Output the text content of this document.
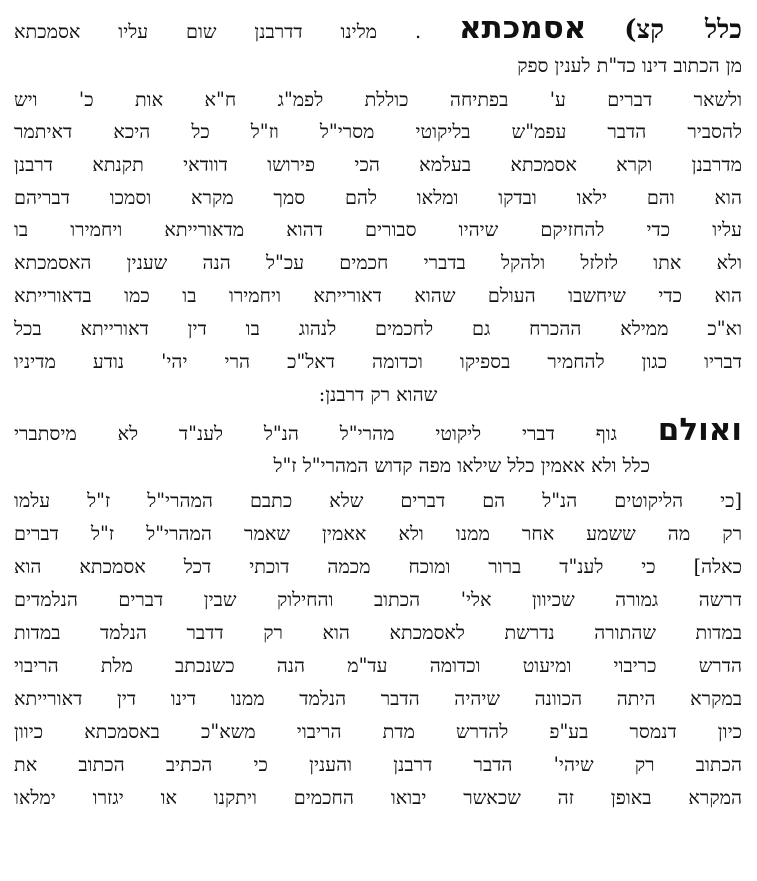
כלל קצ) אסמכתא . מלינו דדרבנן שום עליו אסמכתא
מן הכתוב דינו כד"ת לענין ספק
ולשאר דברים ע' בפתיחה כוללת לפמ"ג ח"א אות כ' ויש
להסביר הדבר עפמ"ש בליקוטי מסרי"ל וז"ל כל היכא דאיתמר
מדרבנן וקרא אסמכתא בעלמא הכי פירושו דוודאי תקנתא דרבנן
הוא והם ילאו ובדקו ומלאו להם סמך מקרא וסמכו דבריהם
עליו כדי להחזיקם שיהיו סבורים דהוא מדאורייתא ויחמירו בו
ולא אתו לזלזל ולהקל בדברי חכמים עכ"ל הנה שענין האסמכתא
הוא כדי שיחשבו העולם שהוא דאורייתא ויחמירו בו כמו בדאורייתא
וא"כ ממילא ההכרח גם לחכמים לנהוג בו דין דאורייתא בכל
דבריו כגון להחמיר בספיקו וכדומה דאל"כ הרי יהי' נודע מדיניו
שהוא רק דרבנן:
ואולם גוף דברי ליקוטי מהרי"ל הנ"ל לענ"ד לא מיסתברי
כלל ולא אאמין כלל שילאו מפה קדוש המהרי"ל ז"ל
[כי הליקוטים הנ"ל הם דברים שלא כתבם המהרי"ל ז"ל עלמו
רק מה ששמע אחר ממנו ולא אאמין שאמר המהרי"ל ז"ל דברים
כאלה] כי לענ"ד ברור ומוכח מכמה דוכתי דכל אסמכתא הוא
דרשה גמורה שכיוון אלי' הכתוב והחילוק שבין דברים הנלמדים
במדות שהתורה נדרשת לאסמכתא הוא רק דדבר הנלמד במדות
הדרש כריבוי ומיעוט וכדומה עד"מ הנה כשנכתב מלת הריבוי
במקרא היתה הכוונה שיהיה הדבר הנלמד ממנו דינו דין דאורייתא
כיון דנמסר בע"פ להדרש מדת הריבוי משא"כ באסמכתא כיוון
הכתוב רק שיהי' הדבר דרבנן והענין כי הכתיב הכתוב את
המקרא באופן זה שכאשר יבואו החכמים ויתקנו או יגזרו ימלאו
